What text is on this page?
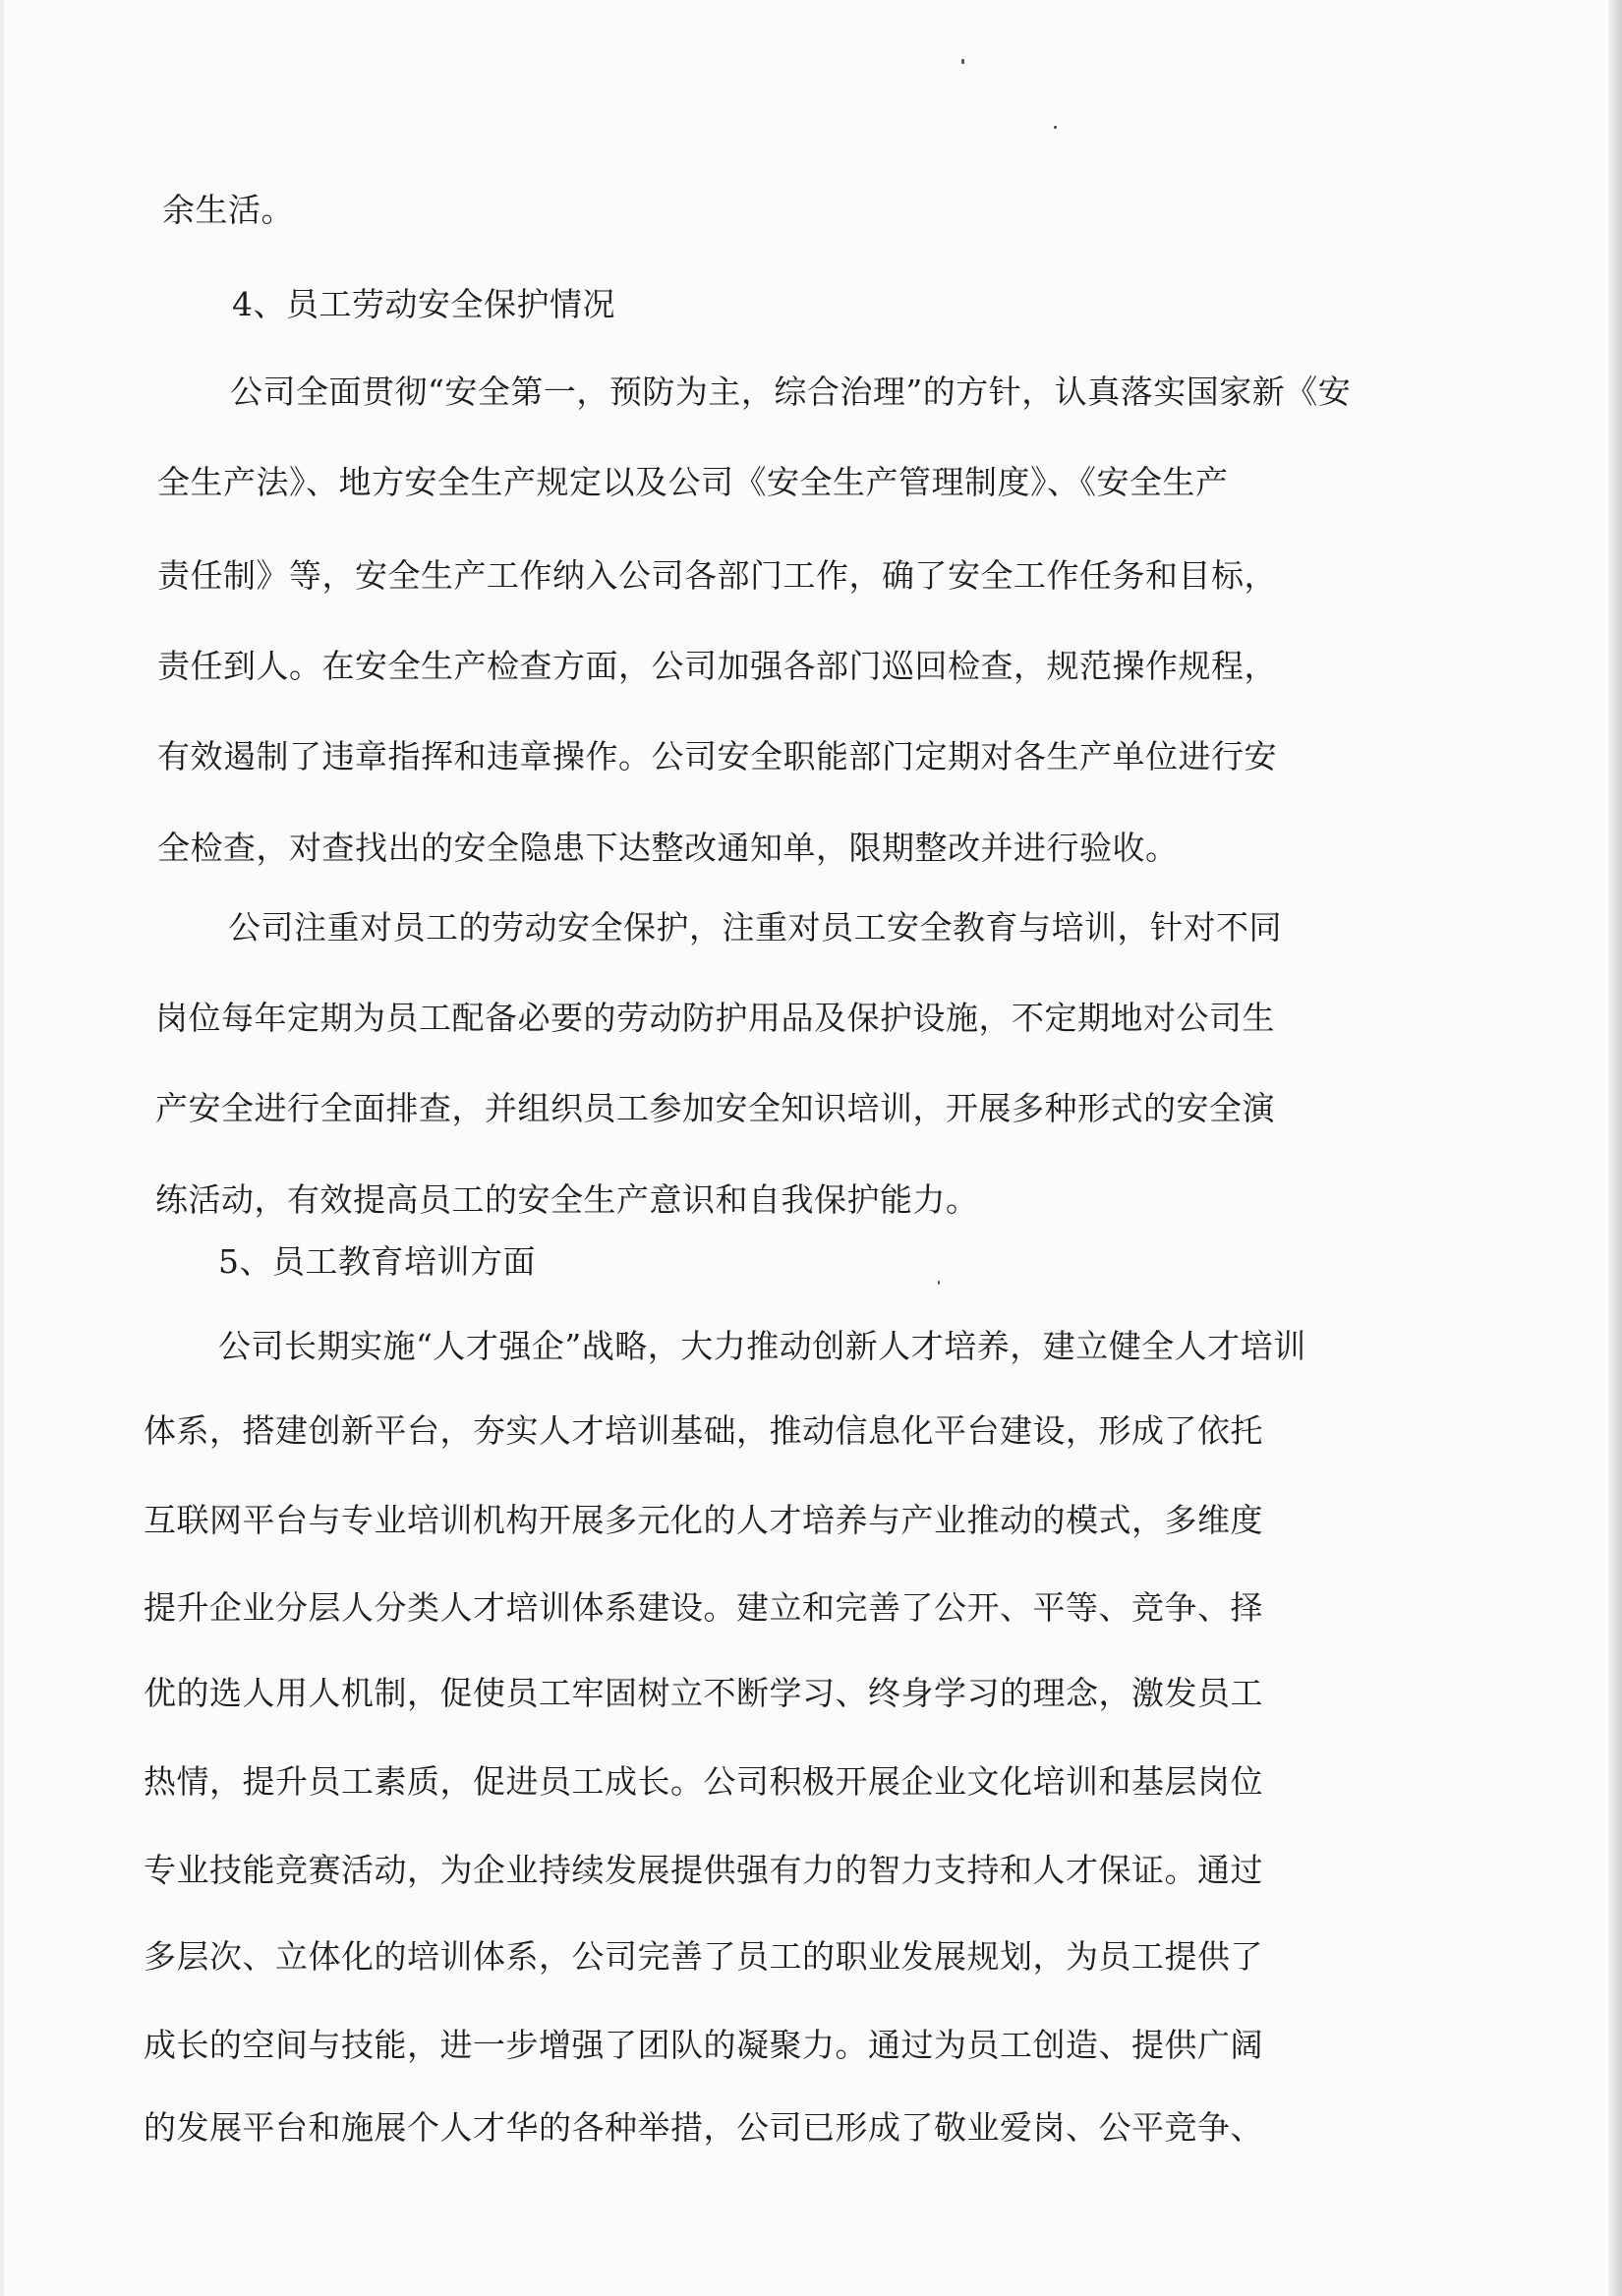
余生活。

4、员工劳动安全保护情况

公司全面贯彻“安全第一，预防为主，综合治理”的方针，认真落实国家新《安

全生产法》、地方安全生产规定以及公司《安全生产管理制度》、《安全生产

责任制》等，安全生产工作纳入公司各部门工作，确了安全工作任务和目标，

责任到人。在安全生产检查方面，公司加强各部门巡回检查，规范操作规程，

有效遏制了违章指挥和违章操作。公司安全职能部门定期对各生产单位进行安

全检查，对查找出的安全隐患下达整改通知单，限期整改并进行验收。

公司注重对员工的劳动安全保护，注重对员工安全教育与培训，针对不同

岗位每年定期为员工配备必要的劳动防护用品及保护设施，不定期地对公司生

产安全进行全面排查，并组织员工参加安全知识培训，开展多种形式的安全演

练活动，有效提高员工的安全生产意识和自我保护能力。

5、员工教育培训方面

公司长期实施“人才强企”战略，大力推动创新人才培养，建立健全人才培训

体系，搭建创新平台，夯实人才培训基础，推动信息化平台建设，形成了依托

互联网平台与专业培训机构开展多元化的人才培养与产业推动的模式，多维度

提升企业分层人分类人才培训体系建设。建立和完善了公开、平等、竞争、择

优的选人用人机制，促使员工牢固树立不断学习、终身学习的理念，激发员工

热情，提升员工素质，促进员工成长。公司积极开展企业文化培训和基层岗位

专业技能竞赛活动，为企业持续发展提供强有力的智力支持和人才保证。通过

多层次、立体化的培训体系，公司完善了员工的职业发展规划，为员工提供了

成长的空间与技能，进一步增强了团队的凝聚力。通过为员工创造、提供广阔

的发展平台和施展个人才华的各种举措，公司已形成了敬业爱岗、公平竞争、
